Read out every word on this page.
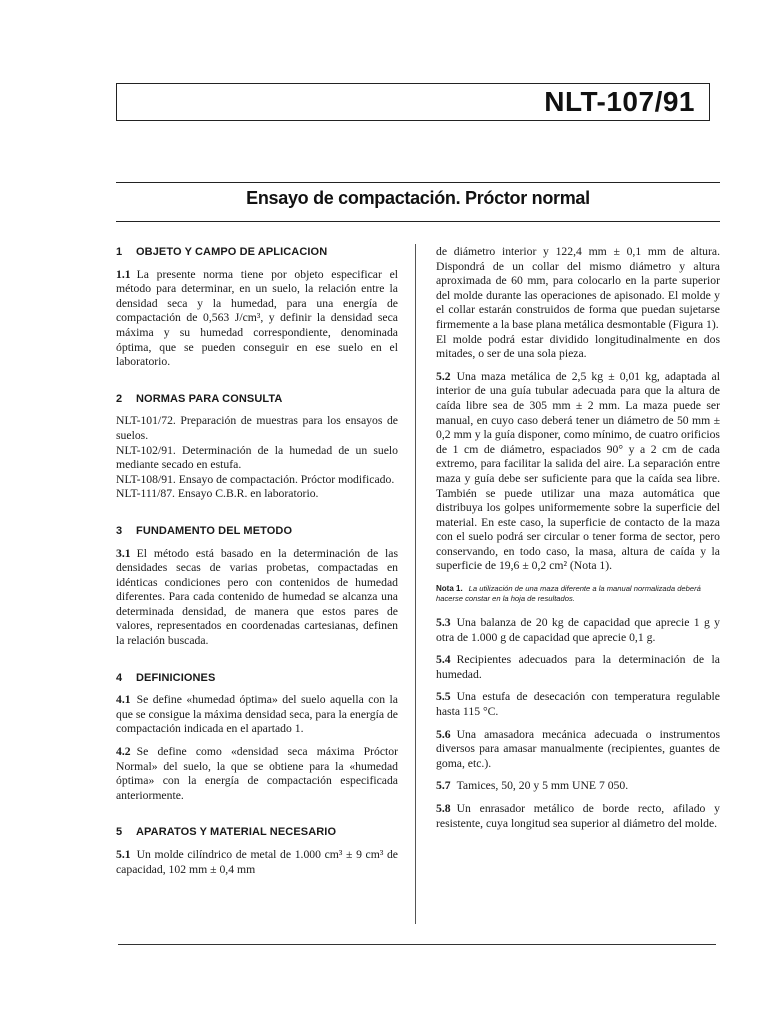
NLT-107/91
Ensayo de compactación. Próctor normal
1 OBJETO Y CAMPO DE APLICACION

1.1 La presente norma tiene por objeto especificar el método para determinar, en un suelo, la relación entre la densidad seca y la humedad, para una energía de compactación de 0,563 J/cm³, y definir la densidad seca máxima y su humedad correspondiente, denominada óptima, que se pueden conseguir en ese suelo en el laboratorio.

2 NORMAS PARA CONSULTA

NLT-101/72. Preparación de muestras para los ensayos de suelos.

NLT-102/91. Determinación de la humedad de un suelo mediante secado en estufa.

NLT-108/91. Ensayo de compactación. Próctor modificado.

NLT-111/87. Ensayo C.B.R. en laboratorio.

3 FUNDAMENTO DEL METODO

3.1 El método está basado en la determinación de las densidades secas de varias probetas, compactadas en idénticas condiciones pero con contenidos de humedad diferentes. Para cada contenido de humedad se alcanza una determinada densidad, de manera que estos pares de valores, representados en coordenadas cartesianas, definen la relación buscada.

4 DEFINICIONES

4.1 Se define «humedad óptima» del suelo aquella con la que se consigue la máxima densidad seca, para la energía de compactación indicada en el apartado 1.

4.2 Se define como «densidad seca máxima Próctor Normal» del suelo, la que se obtiene para la «humedad óptima» con la energía de compactación especificada anteriormente.

5 APARATOS Y MATERIAL NECESARIO

5.1 Un molde cilíndrico de metal de 1.000 cm³ ± 9 cm³ de capacidad, 102 mm ± 0,4 mm

de diámetro interior y 122,4 mm ± 0,1 mm de altura. Dispondrá de un collar del mismo diámetro y altura aproximada de 60 mm, para colocarlo en la parte superior del molde durante las operaciones de apisonado. El molde y el collar estarán construidos de forma que puedan sujetarse firmemente a la base plana metálica desmontable (Figura 1).

El molde podrá estar dividido longitudinalmente en dos mitades, o ser de una sola pieza.

5.2 Una maza metálica de 2,5 kg ± 0,01 kg, adaptada al interior de una guía tubular adecuada para que la altura de caída libre sea de 305 mm ± 2 mm. La maza puede ser manual, en cuyo caso deberá tener un diámetro de 50 mm ± 0,2 mm y la guía disponer, como mínimo, de cuatro orificios de 1 cm de diámetro, espaciados 90° y a 2 cm de cada extremo, para facilitar la salida del aire. La separación entre maza y guía debe ser suficiente para que la caída sea libre. También se puede utilizar una maza automática que distribuya los golpes uniformemente sobre la superficie del material. En este caso, la superficie de contacto de la maza con el suelo podrá ser circular o tener forma de sector, pero conservando, en todo caso, la masa, altura de caída y la superficie de 19,6 ± 0,2 cm² (Nota 1).

Nota 1. La utilización de una maza diferente a la manual normalizada deberá hacerse constar en la hoja de resultados.

5.3 Una balanza de 20 kg de capacidad que aprecie 1 g y otra de 1.000 g de capacidad que aprecie 0,1 g.

5.4 Recipientes adecuados para la determinación de la humedad.

5.5 Una estufa de desecación con temperatura regulable hasta 115 °C.

5.6 Una amasadora mecánica adecuada o instrumentos diversos para amasar manualmente (recipientes, guantes de goma, etc.).

5.7 Tamices, 50, 20 y 5 mm UNE 7 050.

5.8 Un enrasador metálico de borde recto, afilado y resistente, cuya longitud sea superior al diámetro del molde.
